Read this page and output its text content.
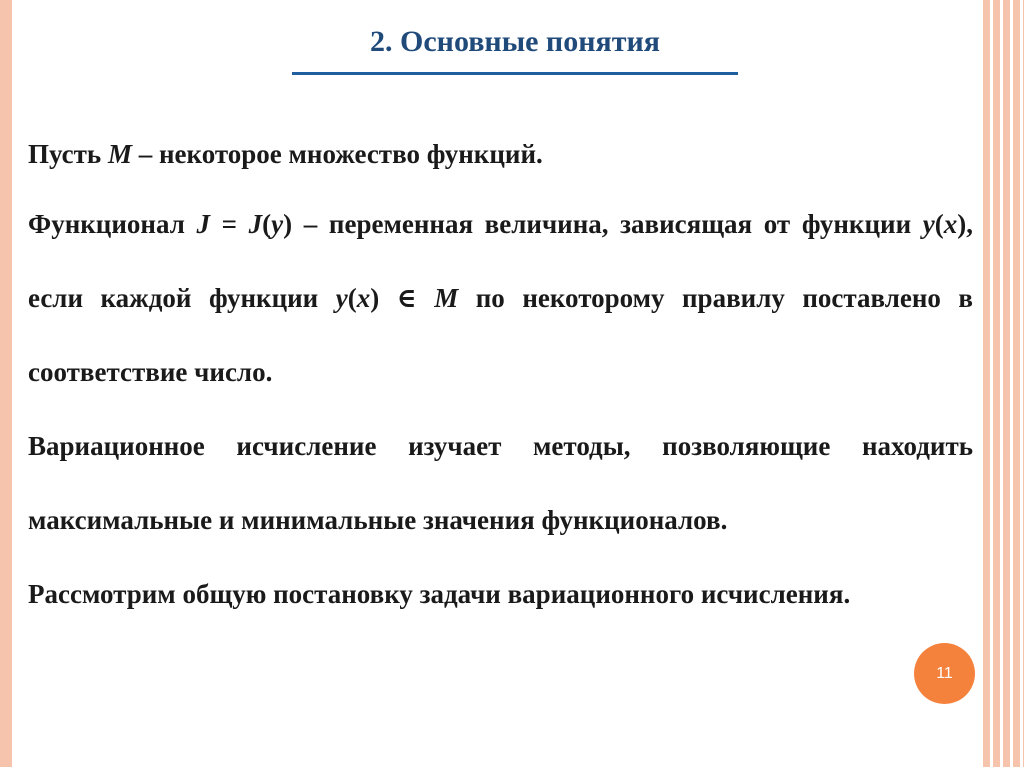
2. Основные понятия

Пусть M – некоторое множество функций.

Функционал J = J(y) – переменная величина, зависящая от функции y(x), если каждой функции y(x) ∈ M по некоторому правилу поставлено в соответствие число.

Вариационное исчисление изучает методы, позволяющие находить максимальные и минимальные значения функционалов.

Рассмотрим общую постановку задачи вариационного исчисления.

11
